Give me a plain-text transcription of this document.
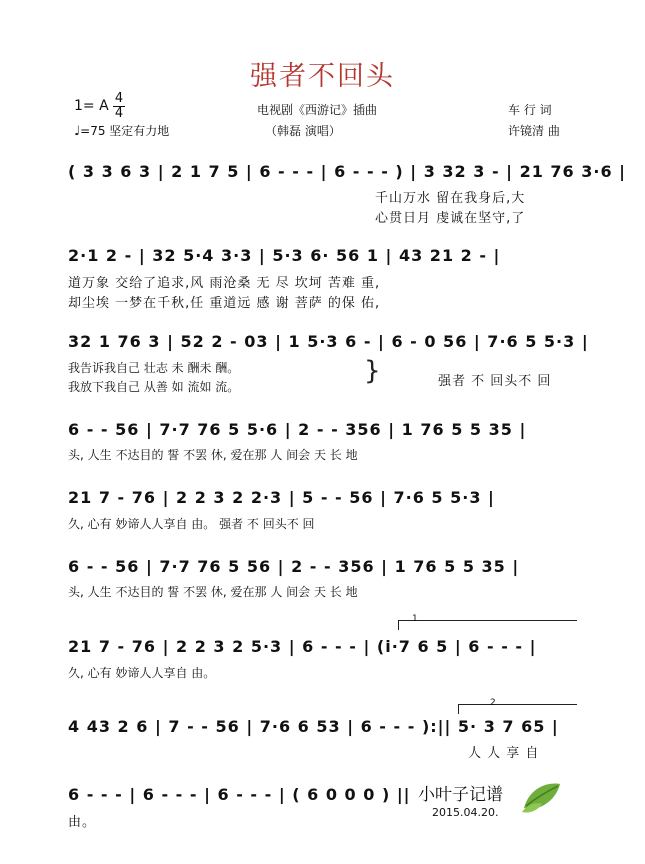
强者不回头
1= A 4
4
♩=75 坚定有力地
电视剧《西游记》插曲
（韩磊 演唱）
车 行 词
许镜清 曲
( 3 3 6 3 | 2 1 7 5 | 6 - - - | 6 - - - ) | 3 32 3 - | 21 76 3·6 |
千山万水 留在我身后,大
心贯日月 虔诚在坚守,了
2·1 2 - | 32 5·4 3·3 | 5·3 6· 56 1 | 43 21 2 - |
道万象 交给了追求,风 雨沧桑 无 尽 坎坷 苦难 重,
却尘埃 一梦在千秋,任 重道远 感 谢 菩萨 的保 佑,
32 1 76 3 | 52 2 - 03 | 1 5·3 6 - | 6 - 0 56 | 7·6 5 5·3 |
我告诉我自己 壮志 未 酬未 酬。
我放下我自己 从善 如 流如 流。
}	强者 不 回头不 回
6 - - 56 | 7·7 76 5 5·6 | 2 - - 356 | 1 76 5 5 35 |
头, 人生 不达目的 誓 不罢 休, 爱在那 人 间会 天 长 地
21 7 - 76 | 2 2 3 2 2·3 | 5 - - 56 | 7·6 5 5·3 |
久, 心有 妙谛人人享自 由。 强者 不 回头不 回
6 - - 56 | 7·7 76 5 56 | 2 - - 356 | 1 76 5 5 35 |
头, 人生 不达目的 誓 不罢 休, 爱在那 人 间会 天 长 地
1
21 7 - 76 | 2 2 3 2 5·3 | 6 - - - | (i·7 6 5 | 6 - - - |
久, 心有 妙谛人人享自 由。
2
4 43 2 6 | 7 - - 56 | 7·6 6 53 | 6 - - - ):|| 5· 3 7 65 |
人 人 享 自
6 - - - | 6 - - - | 6 - - - | ( 6 0 0 0 ) ||
由。
小叶子记谱
2015.04.20.
